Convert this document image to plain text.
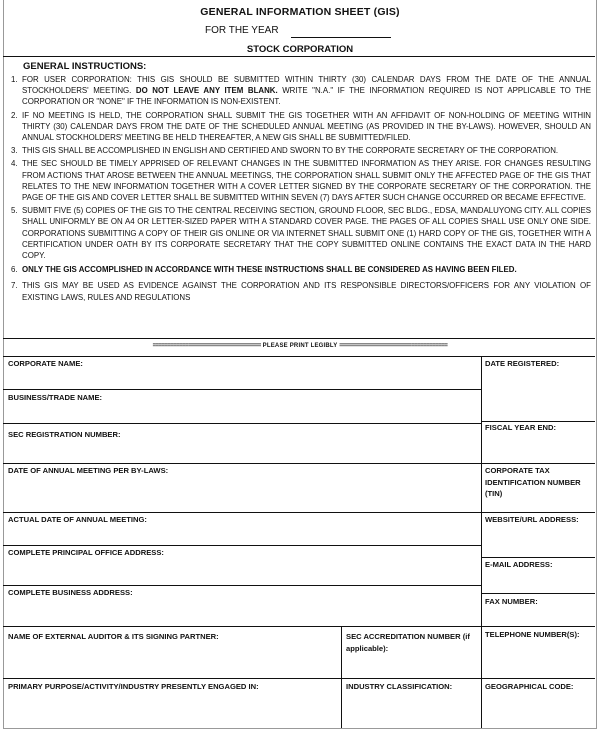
GENERAL INFORMATION SHEET (GIS)
FOR THE YEAR
STOCK CORPORATION
GENERAL INSTRUCTIONS:
1. FOR USER CORPORATION: THIS GIS SHOULD BE SUBMITTED WITHIN THIRTY (30) CALENDAR DAYS FROM THE DATE OF THE ANNUAL STOCKHOLDERS' MEETING. DO NOT LEAVE ANY ITEM BLANK. WRITE "N.A." IF THE INFORMATION REQUIRED IS NOT APPLICABLE TO THE CORPORATION OR "NONE" IF THE INFORMATION IS NON-EXISTENT.
2. IF NO MEETING IS HELD, THE CORPORATION SHALL SUBMIT THE GIS TOGETHER WITH AN AFFIDAVIT OF NON-HOLDING OF MEETING WITHIN THIRTY (30) CALENDAR DAYS FROM THE DATE OF THE SCHEDULED ANNUAL MEETING (AS PROVIDED IN THE BY-LAWS). HOWEVER, SHOULD AN ANNUAL STOCKHOLDERS' MEETING BE HELD THEREAFTER, A NEW GIS SHALL BE SUBMITTED/FILED.
3. THIS GIS SHALL BE ACCOMPLISHED IN ENGLISH AND CERTIFIED AND SWORN TO BY THE CORPORATE SECRETARY OF THE CORPORATION.
4. THE SEC SHOULD BE TIMELY APPRISED OF RELEVANT CHANGES IN THE SUBMITTED INFORMATION AS THEY ARISE. FOR CHANGES RESULTING FROM ACTIONS THAT AROSE BETWEEN THE ANNUAL MEETINGS, THE CORPORATION SHALL SUBMIT ONLY THE AFFECTED PAGE OF THE GIS THAT RELATES TO THE NEW INFORMATION TOGETHER WITH A COVER LETTER SIGNED BY THE CORPORATE SECRETARY OF THE CORPORATION. THE PAGE OF THE GIS AND COVER LETTER SHALL BE SUBMITTED WITHIN SEVEN (7) DAYS AFTER SUCH CHANGE OCCURRED OR BECAME EFFECTIVE.
5. SUBMIT FIVE (5) COPIES OF THE GIS TO THE CENTRAL RECEIVING SECTION, GROUND FLOOR, SEC BLDG., EDSA, MANDALUYONG CITY. ALL COPIES SHALL UNIFORMLY BE ON A4 OR LETTER-SIZED PAPER WITH A STANDARD COVER PAGE. THE PAGES OF ALL COPIES SHALL USE ONLY ONE SIDE. CORPORATIONS SUBMITTING A COPY OF THEIR GIS ONLINE OR VIA INTERNET SHALL SUBMIT ONE (1) HARD COPY OF THE GIS, TOGETHER WITH A CERTIFICATION UNDER OATH BY ITS CORPORATE SECRETARY THAT THE COPY SUBMITTED ONLINE CONTAINS THE EXACT DATA IN THE HARD COPY.
6. ONLY THE GIS ACCOMPLISHED IN ACCORDANCE WITH THESE INSTRUCTIONS SHALL BE CONSIDERED AS HAVING BEEN FILED.
7. THIS GIS MAY BE USED AS EVIDENCE AGAINST THE CORPORATION AND ITS RESPONSIBLE DIRECTORS/OFFICERS FOR ANY VIOLATION OF EXISTING LAWS, RULES AND REGULATIONS
==================================== PLEASE PRINT LEGIBLY ====================================
CORPORATE NAME:
BUSINESS/TRADE NAME:
SEC REGISTRATION NUMBER:
DATE OF ANNUAL MEETING PER BY-LAWS:
ACTUAL DATE OF ANNUAL MEETING:
COMPLETE PRINCIPAL OFFICE ADDRESS:
COMPLETE BUSINESS ADDRESS:
NAME OF EXTERNAL AUDITOR & ITS SIGNING PARTNER:	SEC ACCREDITATION NUMBER (if applicable):
PRIMARY PURPOSE/ACTIVITY/INDUSTRY PRESENTLY ENGAGED IN:	INDUSTRY CLASSIFICATION:
DATE REGISTERED:
FISCAL YEAR END:
CORPORATE TAX IDENTIFICATION NUMBER (TIN)
WEBSITE/URL ADDRESS:
E-MAIL ADDRESS:
FAX NUMBER:
TELEPHONE NUMBER(S):
GEOGRAPHICAL CODE:
